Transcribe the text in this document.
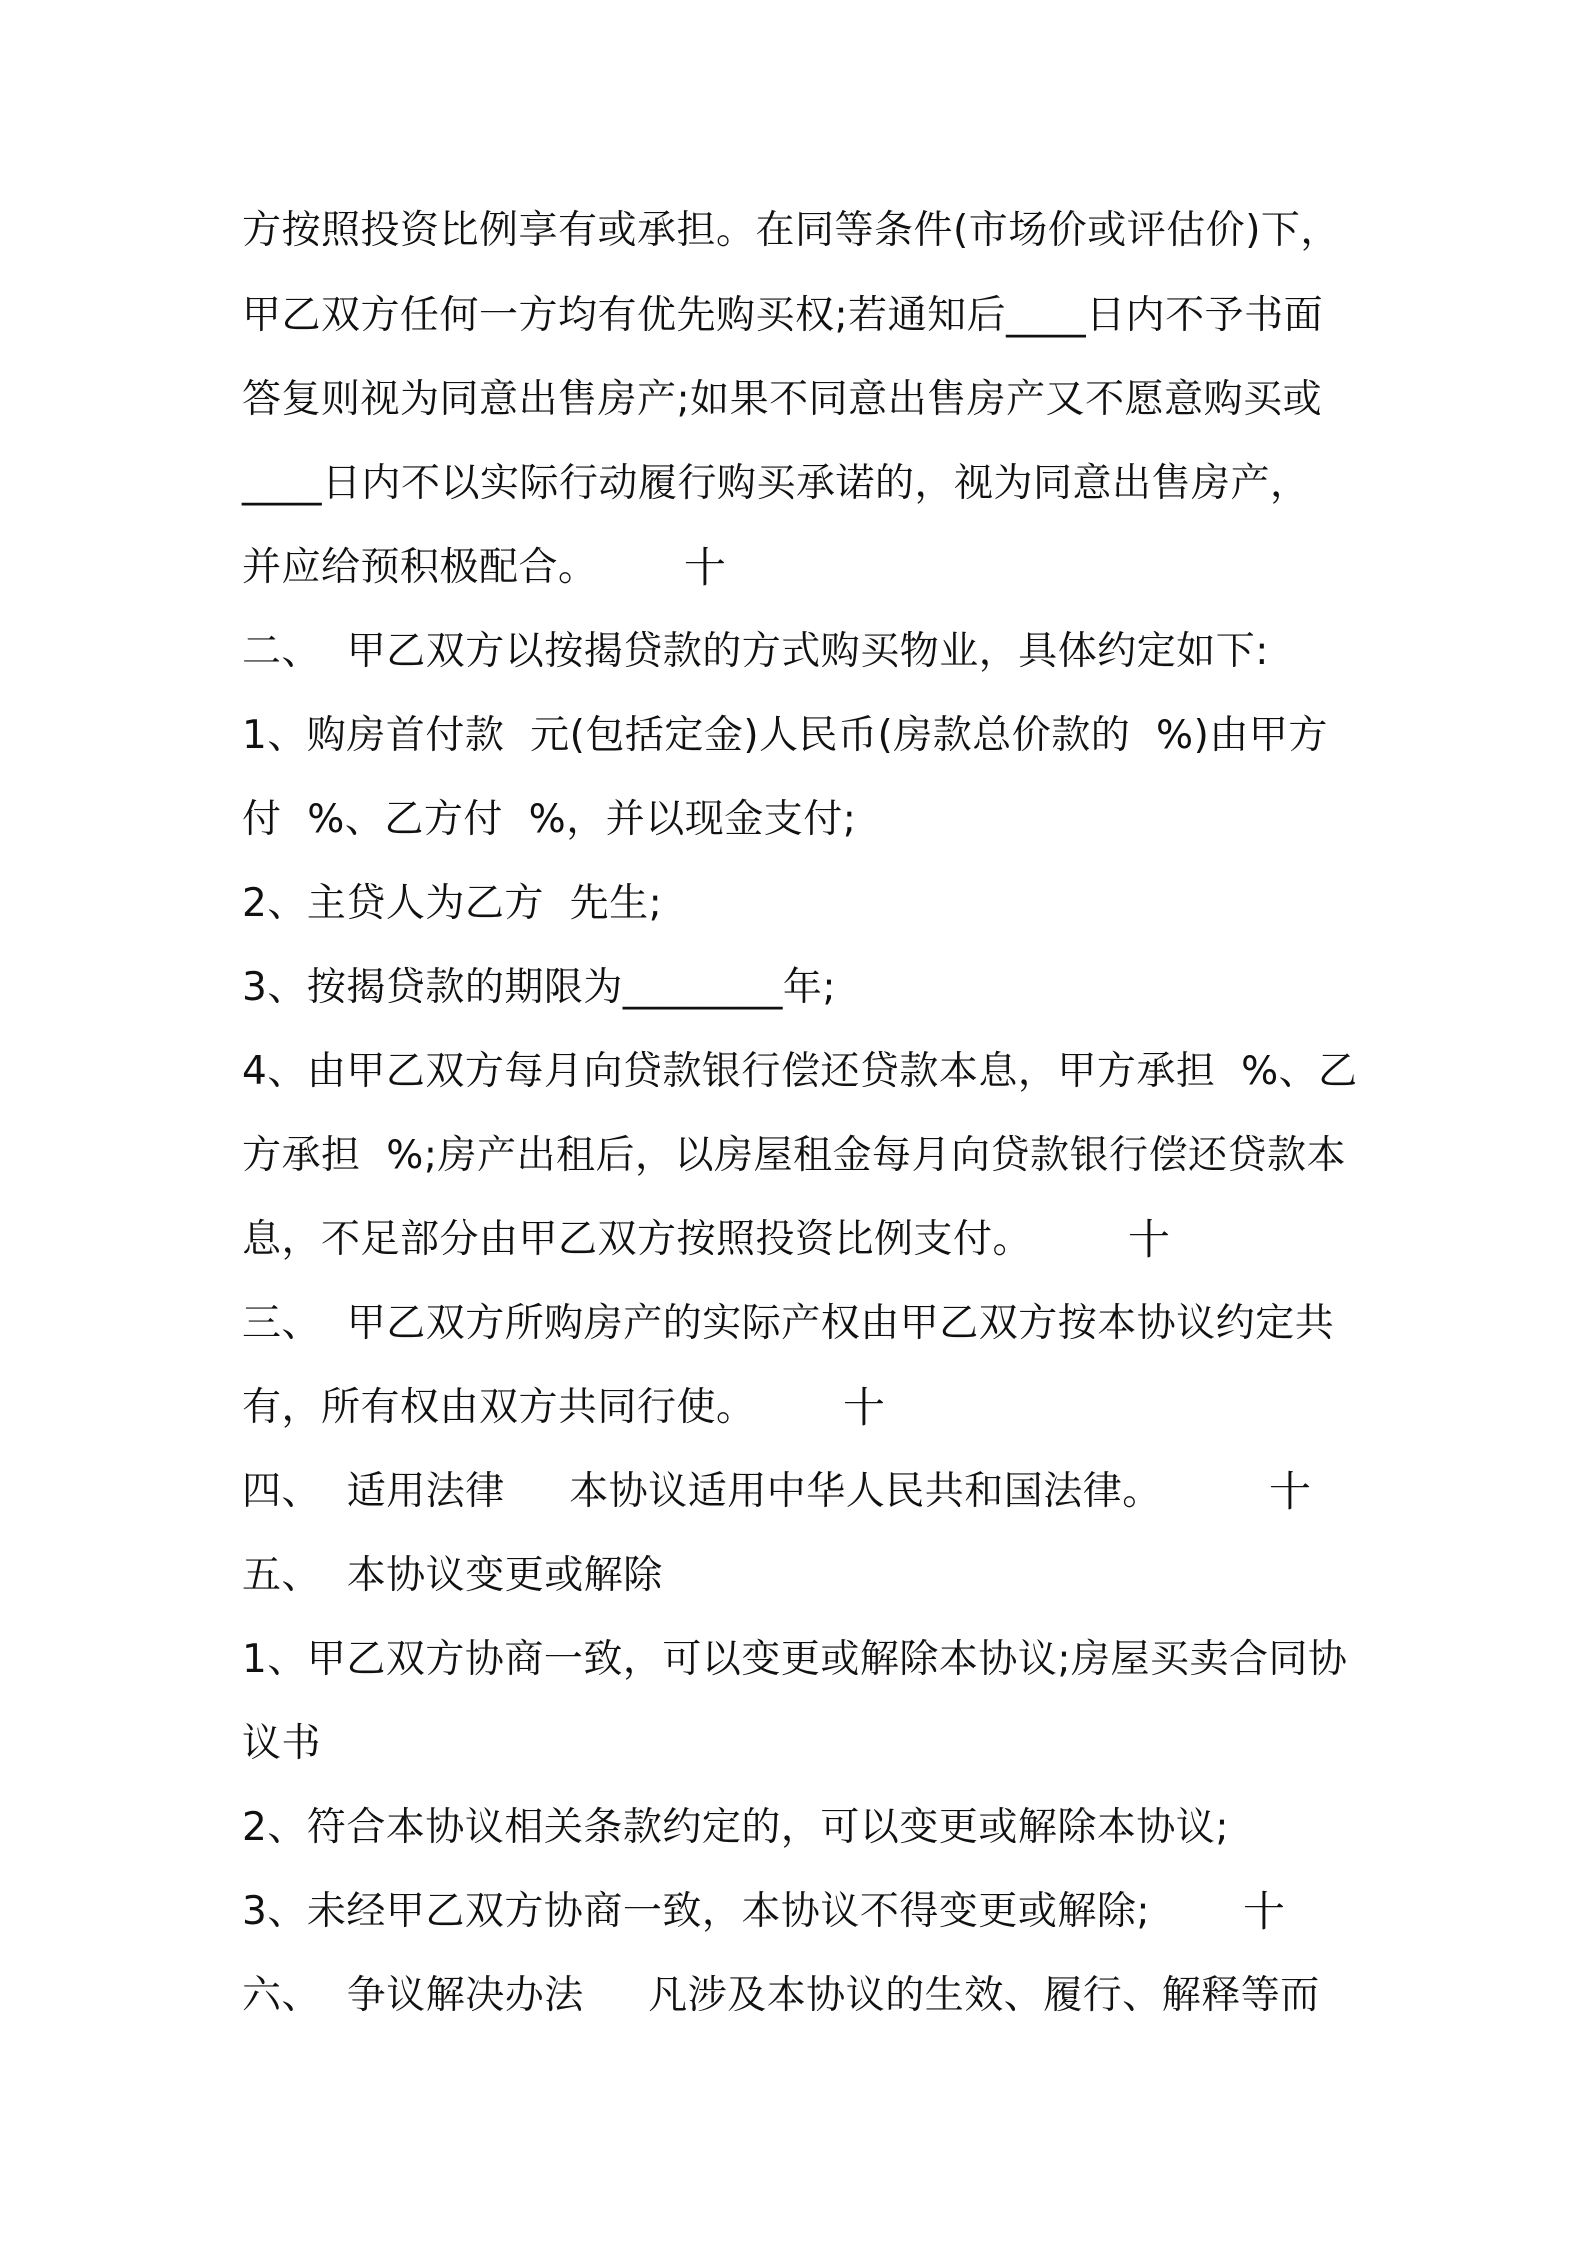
方按照投资比例享有或承担。在同等条件(市场价或评估价)下，
甲乙双方任何一方均有优先购买权;若通知后____日内不予书面
答复则视为同意出售房产;如果不同意出售房产又不愿意购买或
____日内不以实际行动履行购买承诺的，视为同意出售房产，
并应给预积极配合。	十
二、  甲乙双方以按揭贷款的方式购买物业，具体约定如下:
1、购房首付款  元(包括定金)人民币(房款总价款的  %)由甲方
付  %、乙方付  %，并以现金支付;
2、主贷人为乙方  先生;
3、按揭贷款的期限为________年;
4、由甲乙双方每月向贷款银行偿还贷款本息，甲方承担  %、乙
方承担  %;房产出租后，以房屋租金每月向贷款银行偿还贷款本
息，不足部分由甲乙双方按照投资比例支付。	十
三、  甲乙双方所购房产的实际产权由甲乙双方按本协议约定共
有，所有权由双方共同行使。	十
四、  适用法律     本协议适用中华人民共和国法律。	十
五、  本协议变更或解除
1、甲乙双方协商一致，可以变更或解除本协议;房屋买卖合同协
议书
2、符合本协议相关条款约定的，可以变更或解除本协议;
3、未经甲乙双方协商一致，本协议不得变更或解除;	十
六、  争议解决办法     凡涉及本协议的生效、履行、解释等而
